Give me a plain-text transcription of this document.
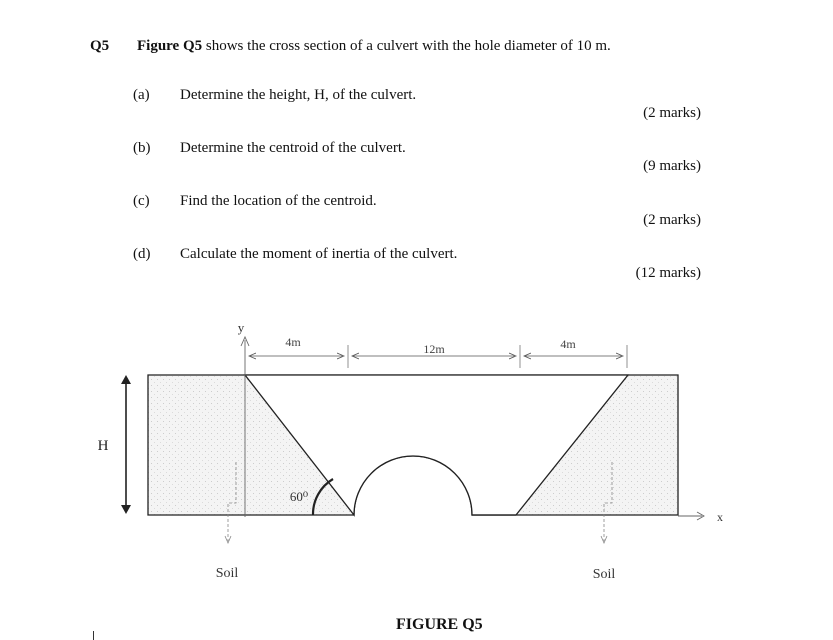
Q5 Figure Q5 shows the cross section of a culvert with the hole diameter of 10 m.
(a) Determine the height, H, of the culvert.
(2 marks)
(b) Determine the centroid of the culvert.
(9 marks)
(c) Find the location of the centroid.
(2 marks)
(d) Calculate the moment of inertia of the culvert.
(12 marks)
y
x
4m	12m	4m
H
60⁰
Soil	Soil
FIGURE Q5
